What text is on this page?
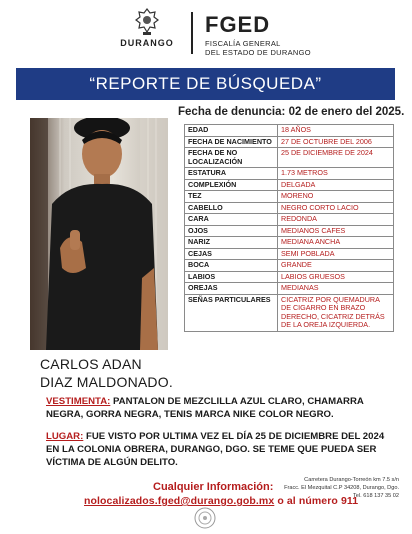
DURANGO
FGED
FISCALÍA GENERAL
DEL ESTADO DE DURANGO
“REPORTE DE BÚSQUEDA”
Fecha de denuncia: 02 de enero del 2025.
EDAD	18 AÑOS
FECHA DE NACIMIENTO	27 DE OCTUBRE DEL 2006
FECHA DE NO LOCALIZACIÓN	25 DE DICIEMBRE DE 2024
ESTATURA	1.73 METROS
COMPLEXIÓN	DELGADA
TEZ	MORENO
CABELLO	NEGRO CORTO LACIO
CARA	REDONDA
OJOS	MEDIANOS CAFES
NARIZ	MEDIANA ANCHA
CEJAS	SEMI POBLADA
BOCA	GRANDE
LABIOS	LABIOS GRUESOS
OREJAS	MEDIANAS
SEÑAS PARTICULARES	CICATRIZ POR QUEMADURA DE CIGARRO EN BRAZO DERECHO, CICATRIZ DETRÁS DE LA OREJA IZQUIERDA.
CARLOS ADAN
DIAZ MALDONADO.
VESTIMENTA: PANTALON DE MEZCLILLA AZUL CLARO, CHAMARRA NEGRA, GORRA NEGRA, TENIS MARCA NIKE COLOR NEGRO.
LUGAR: FUE VISTO POR ULTIMA VEZ EL DÍA 25 DE DICIEMBRE DEL 2024 EN LA COLONIA OBRERA, DURANGO, DGO. SE TEME QUE PUEDA SER VÍCTIMA DE ALGÚN DELITO.
Cualquier Información:
nolocalizados.fged@durango.gob.mx o al número 911
Carretera Durango-Torreón km 7.5 s/n
Fracc. El Mezquital C.P 34208, Durango, Dgo.
Tel. 618 137 35 02
